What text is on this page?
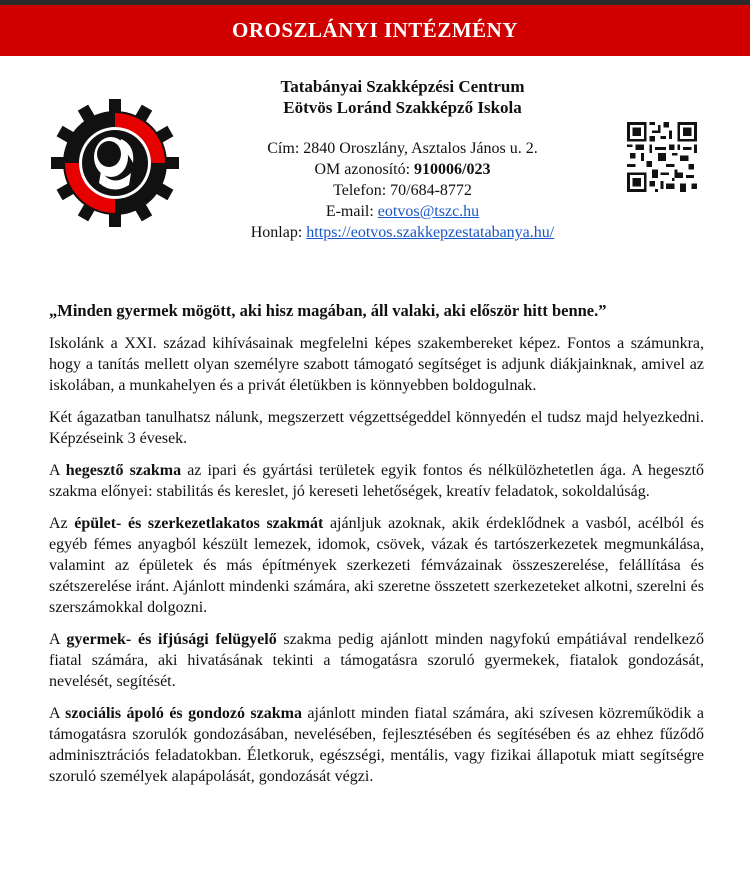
OROSZLÁNYI INTÉZMÉNY
Tatabányai Szakképzési Centrum
Eötvös Loránd Szakképző Iskola
Cím: 2840 Oroszlány, Asztalos János u. 2.
OM azonosító: 910006/023
Telefon: 70/684-8772
E-mail: eotvos@tszc.hu
Honlap: https://eotvos.szakkepzestatabanya.hu/

„Minden gyermek mögött, aki hisz magában, áll valaki, aki először hitt benne.”

Iskolánk a XXI. század kihívásainak megfelelni képes szakembereket képez. Fontos a számunkra, hogy a tanítás mellett olyan személyre szabott támogató segítséget is adjunk diákjainknak, amivel az iskolában, a munkahelyen és a privát életükben is könnyebben boldogulnak.

Két ágazatban tanulhatsz nálunk, megszerzett végzettségeddel könnyedén el tudsz majd helyezkedni. Képzéseink 3 évesek.

A hegesztő szakma az ipari és gyártási területek egyik fontos és nélkülözhetetlen ága. A hegesztő szakma előnyei: stabilitás és kereslet, jó kereseti lehetőségek, kreatív feladatok, sokoldalúság.

Az épület- és szerkezetlakatos szakmát ajánljuk azoknak, akik érdeklődnek a vasból, acélból és egyéb fémes anyagból készült lemezek, idomok, csövek, vázak és tartószerkezetek megmunkálása, valamint az épületek és más építmények szerkezeti fémvázainak összeszerelése, felállítása és szétszerelése iránt. Ajánlott mindenki számára, aki szeretne összetett szerkezeteket alkotni, szerelni és szerszámokkal dolgozni.

A gyermek- és ifjúsági felügyelő szakma pedig ajánlott minden nagyfokú empátiával rendelkező fiatal számára, aki hivatásának tekinti a támogatásra szoruló gyermekek, fiatalok gondozását, nevelését, segítését.

A szociális ápoló és gondozó szakma ajánlott minden fiatal számára, aki szívesen közreműködik a támogatásra szorulók gondozásában, nevelésében, fejlesztésében és segítésében és az ehhez fűződő adminisztrációs feladatokban. Életkoruk, egészségi, mentális, vagy fizikai állapotuk miatt segítségre szoruló személyek alapápolását, gondozását végzi.
